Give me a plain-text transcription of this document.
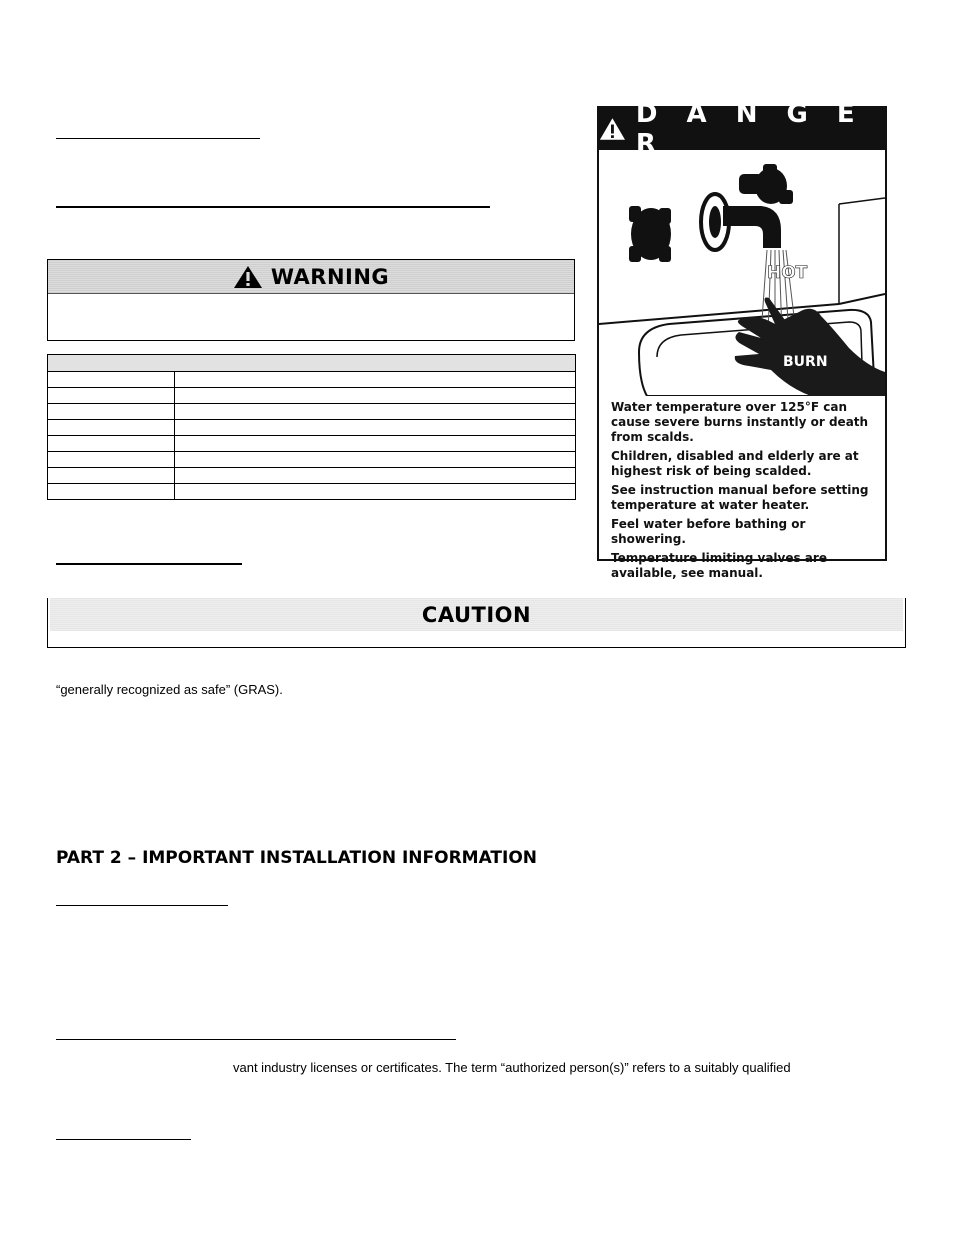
WARNING

CAUTION
“generally recognized as safe” (GRAS).
PART 2 – IMPORTANT INSTALLATION INFORMATION
vant industry licenses or certificates. The term “authorized person(s)” refers to a suitably qualified
D A N G E R
HOT
BURN

Water temperature over 125°F can cause severe burns instantly or death from scalds.

Children, disabled and elderly are at highest risk of being scalded.

See instruction manual before setting temperature at water heater.

Feel water before bathing or showering.

Temperature limiting valves are available, see manual.
